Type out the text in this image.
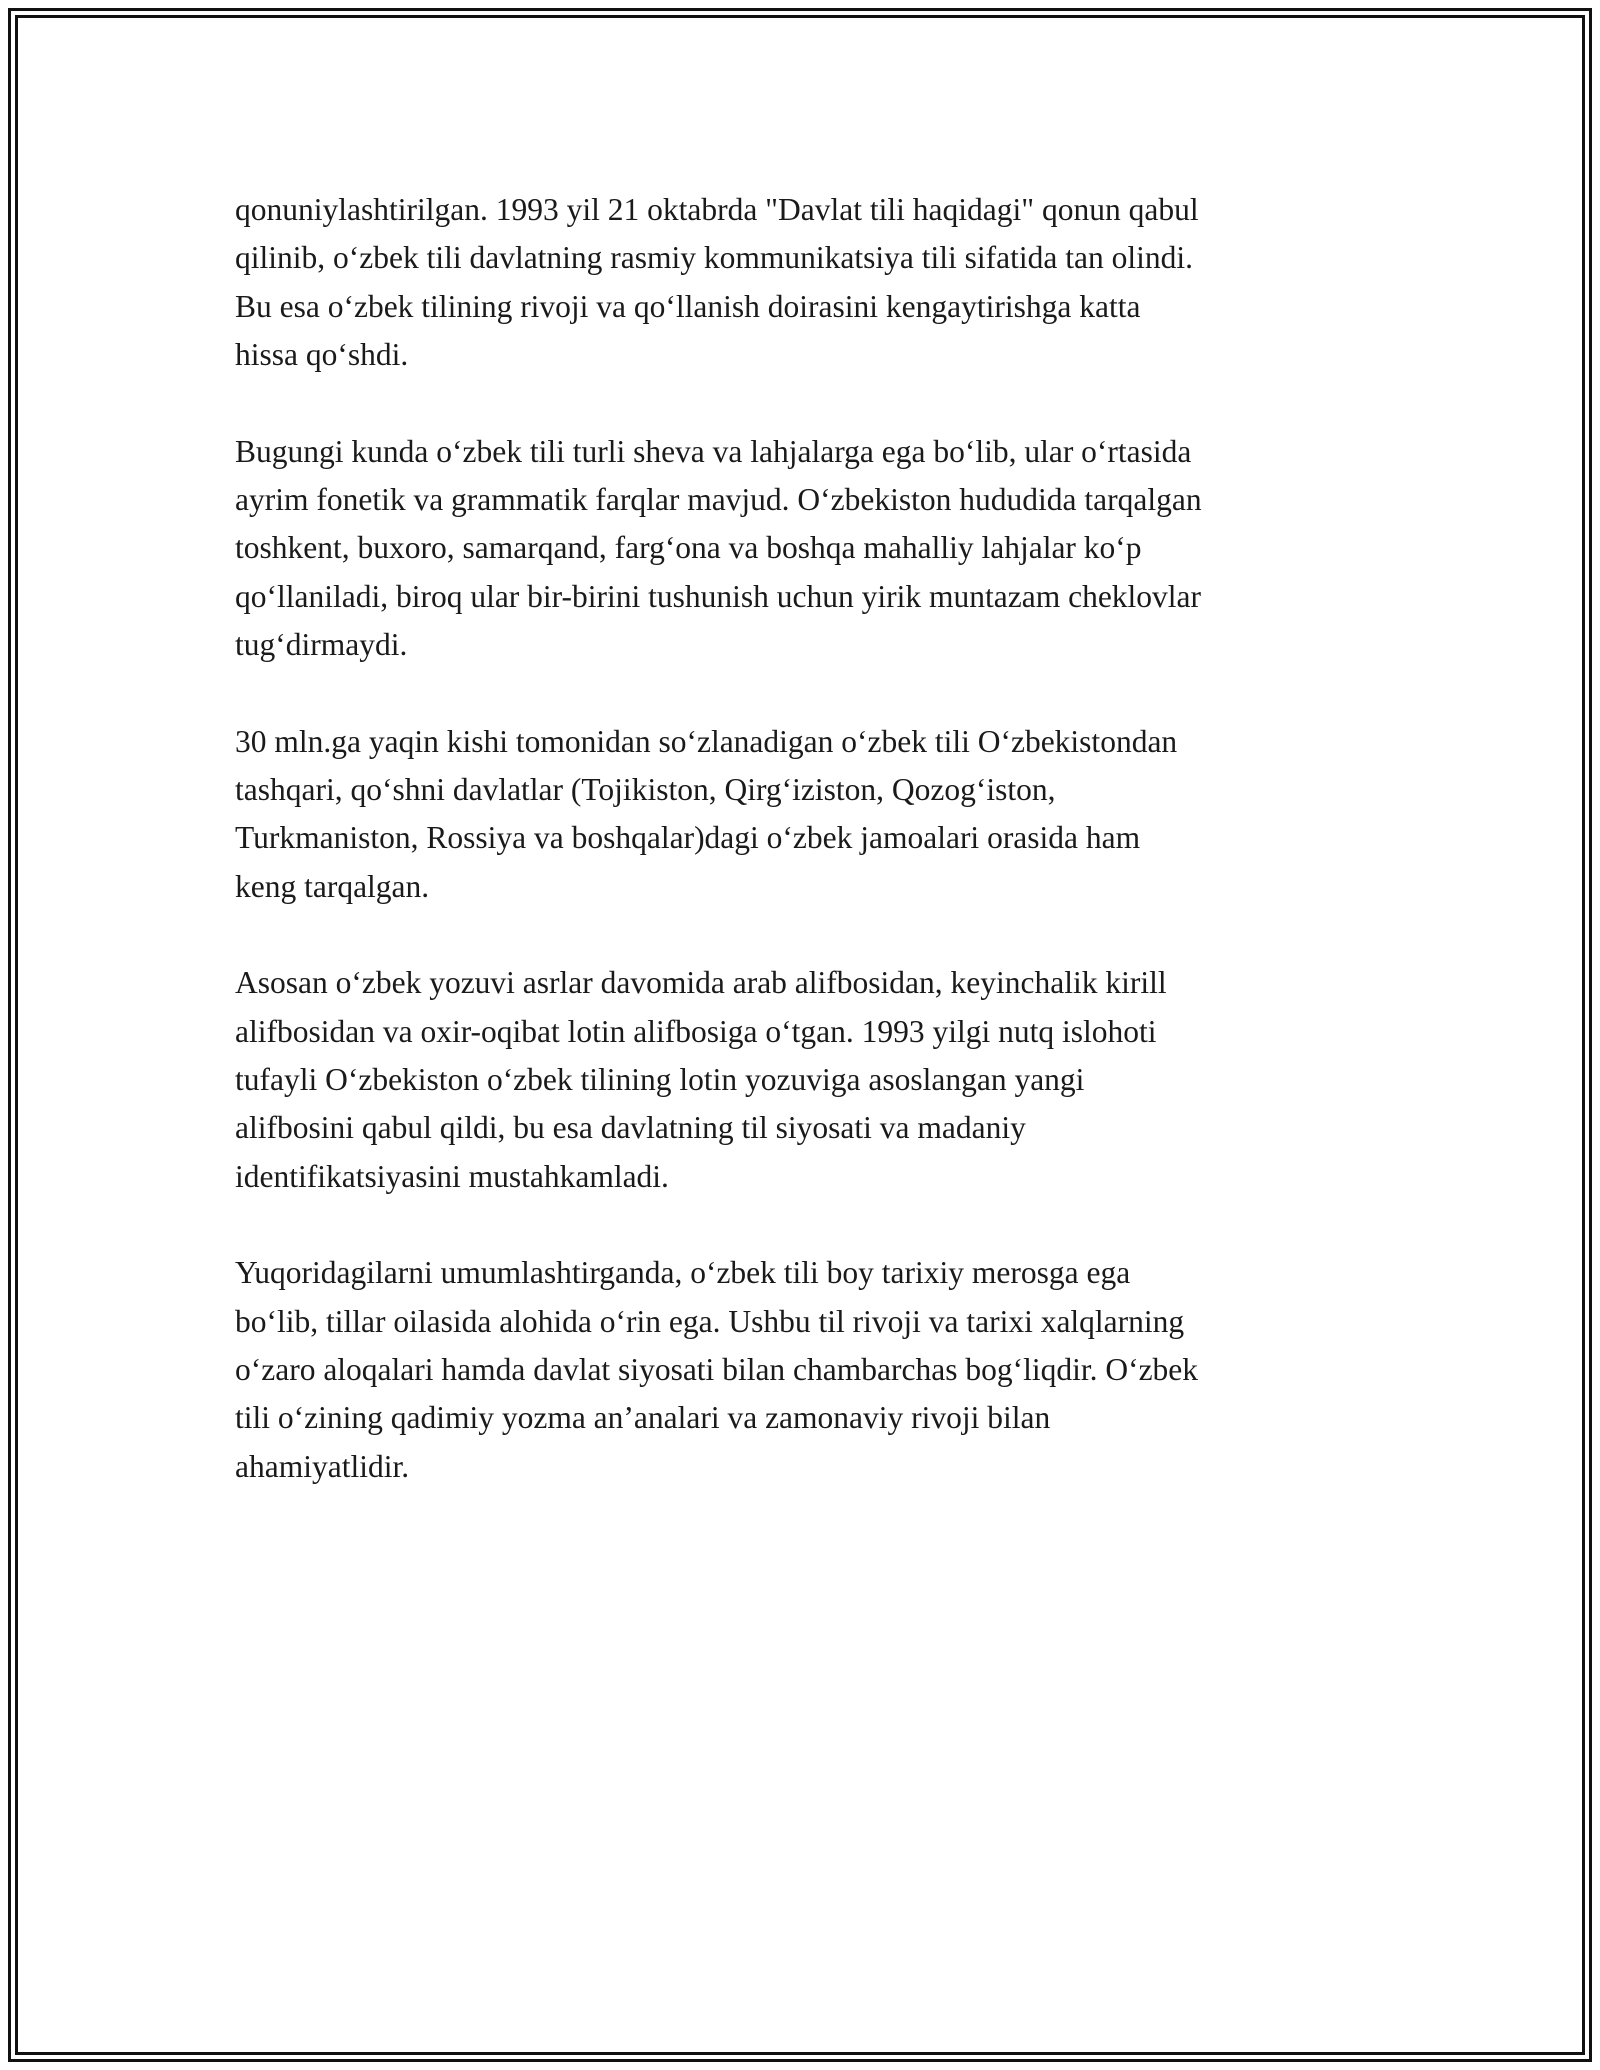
qonuniylashtirilgan. 1993 yil 21 oktabrda "Davlat tili haqidagi" qonun qabul
qilinib, o‘zbek tili davlatning rasmiy kommunikatsiya tili sifatida tan olindi.
Bu esa o‘zbek tilining rivoji va qo‘llanish doirasini kengaytirishga katta
hissa qo‘shdi.

Bugungi kunda o‘zbek tili turli sheva va lahjalarga ega bo‘lib, ular o‘rtasida
ayrim fonetik va grammatik farqlar mavjud. O‘zbekiston hududida tarqalgan
toshkent, buxoro, samarqand, farg‘ona va boshqa mahalliy lahjalar ko‘p
qo‘llaniladi, biroq ular bir-birini tushunish uchun yirik muntazam cheklovlar
tug‘dirmaydi.

30 mln.ga yaqin kishi tomonidan so‘zlanadigan o‘zbek tili O‘zbekistondan
tashqari, qo‘shni davlatlar (Tojikiston, Qirg‘iziston, Qozog‘iston,
Turkmaniston, Rossiya va boshqalar)dagi o‘zbek jamoalari orasida ham
keng tarqalgan.

Asosan o‘zbek yozuvi asrlar davomida arab alifbosidan, keyinchalik kirill
alifbosidan va oxir-oqibat lotin alifbosiga o‘tgan. 1993 yilgi nutq islohoti
tufayli O‘zbekiston o‘zbek tilining lotin yozuviga asoslangan yangi
alifbosini qabul qildi, bu esa davlatning til siyosati va madaniy
identifikatsiyasini mustahkamladi.

Yuqoridagilarni umumlashtirganda, o‘zbek tili boy tarixiy merosga ega
bo‘lib, tillar oilasida alohida o‘rin ega. Ushbu til rivoji va tarixi xalqlarning
o‘zaro aloqalari hamda davlat siyosati bilan chambarchas bog‘liqdir. O‘zbek
tili o‘zining qadimiy yozma an’analari va zamonaviy rivoji bilan
ahamiyatlidir.
